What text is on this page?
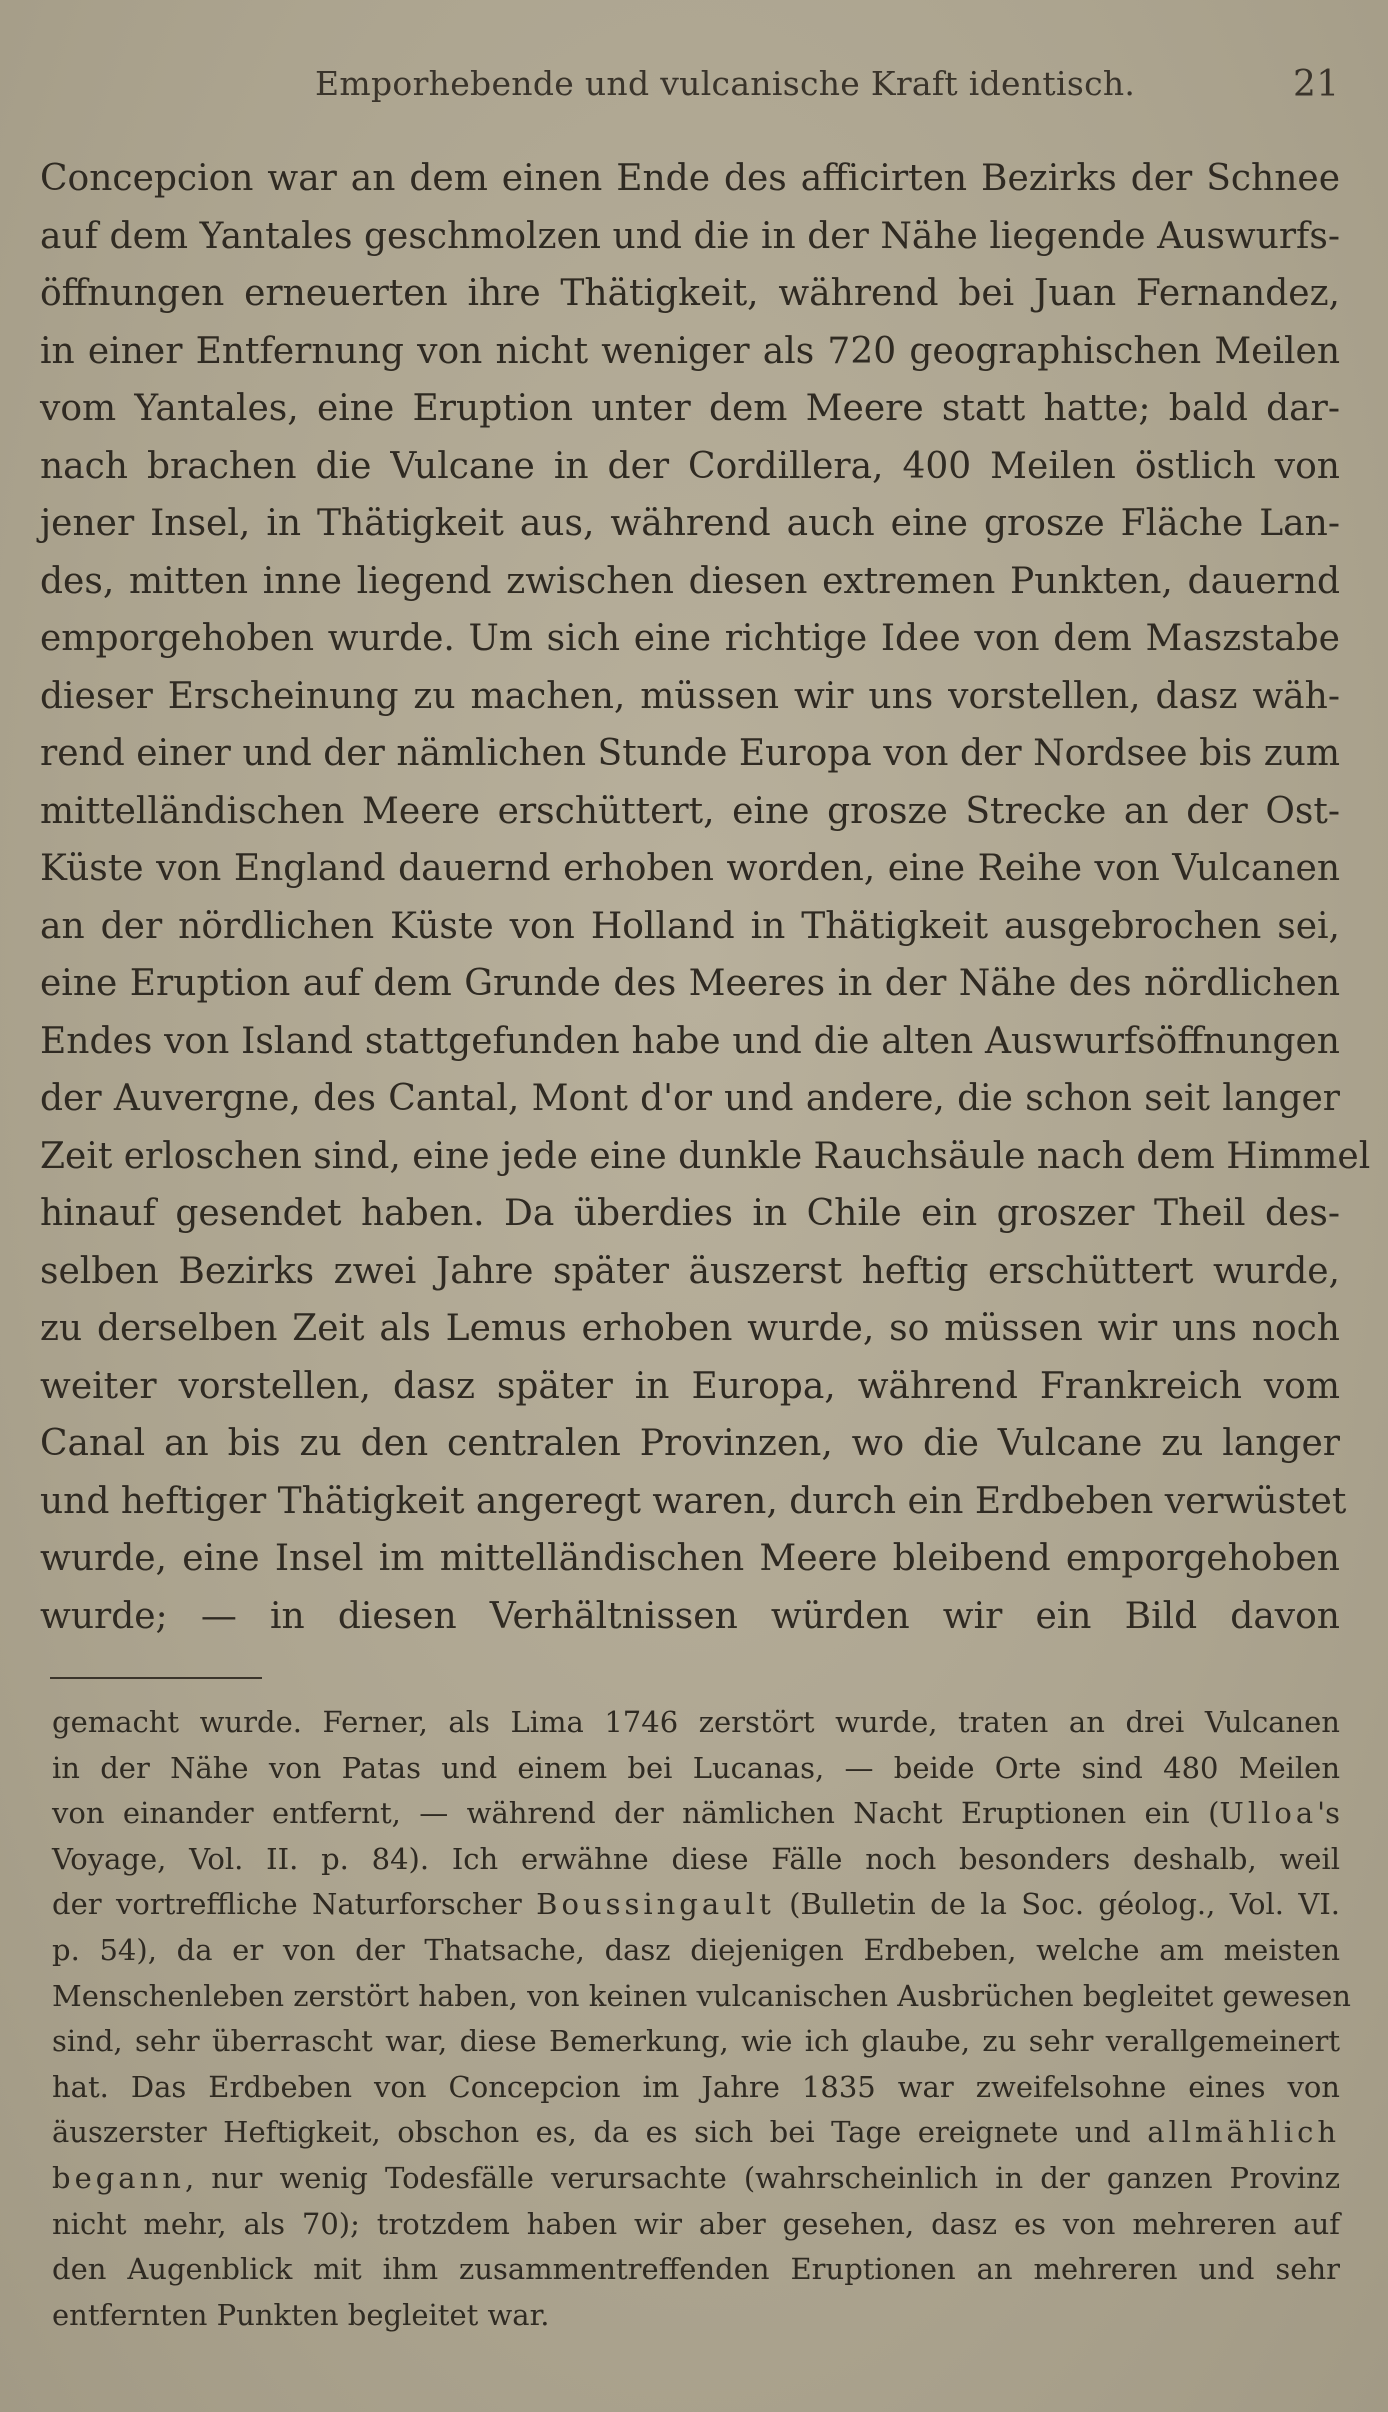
Emporhebende und vulcanische Kraft identisch.	21
Concepcion war an dem einen Ende des afficirten Bezirks der Schnee
auf dem Yantales geschmolzen und die in der Nähe liegende Auswurfs-
öffnungen erneuerten ihre Thätigkeit, während bei Juan Fernandez,
in einer Entfernung von nicht weniger als 720 geographischen Meilen
vom Yantales, eine Eruption unter dem Meere statt hatte; bald dar-
nach brachen die Vulcane in der Cordillera, 400 Meilen östlich von
jener Insel, in Thätigkeit aus, während auch eine grosze Fläche Lan-
des, mitten inne liegend zwischen diesen extremen Punkten, dauernd
emporgehoben wurde. Um sich eine richtige Idee von dem Maszstabe
dieser Erscheinung zu machen, müssen wir uns vorstellen, dasz wäh-
rend einer und der nämlichen Stunde Europa von der Nordsee bis zum
mittelländischen Meere erschüttert, eine grosze Strecke an der Ost-
Küste von England dauernd erhoben worden, eine Reihe von Vulcanen
an der nördlichen Küste von Holland in Thätigkeit ausgebrochen sei,
eine Eruption auf dem Grunde des Meeres in der Nähe des nördlichen
Endes von Island stattgefunden habe und die alten Auswurfsöffnungen
der Auvergne, des Cantal, Mont d'or und andere, die schon seit langer
Zeit erloschen sind, eine jede eine dunkle Rauchsäule nach dem Himmel
hinauf gesendet haben. Da überdies in Chile ein groszer Theil des-
selben Bezirks zwei Jahre später äuszerst heftig erschüttert wurde,
zu derselben Zeit als Lemus erhoben wurde, so müssen wir uns noch
weiter vorstellen, dasz später in Europa, während Frankreich vom
Canal an bis zu den centralen Provinzen, wo die Vulcane zu langer
und heftiger Thätigkeit angeregt waren, durch ein Erdbeben verwüstet
wurde, eine Insel im mittelländischen Meere bleibend emporgehoben
wurde; — in diesen Verhältnissen würden wir ein Bild davon
gemacht wurde. Ferner, als Lima 1746 zerstört wurde, traten an drei Vulcanen
in der Nähe von Patas und einem bei Lucanas, — beide Orte sind 480 Meilen
von einander entfernt, — während der nämlichen Nacht Eruptionen ein (Ulloa's
Voyage, Vol. II. p. 84). Ich erwähne diese Fälle noch besonders deshalb, weil
der vortreffliche Naturforscher Boussingault (Bulletin de la Soc. géolog., Vol. VI.
p. 54), da er von der Thatsache, dasz diejenigen Erdbeben, welche am meisten
Menschenleben zerstört haben, von keinen vulcanischen Ausbrüchen begleitet gewesen
sind, sehr überrascht war, diese Bemerkung, wie ich glaube, zu sehr verallgemeinert
hat. Das Erdbeben von Concepcion im Jahre 1835 war zweifelsohne eines von
äuszerster Heftigkeit, obschon es, da es sich bei Tage ereignete und allmählich
begann, nur wenig Todesfälle verursachte (wahrscheinlich in der ganzen Provinz
nicht mehr, als 70); trotzdem haben wir aber gesehen, dasz es von mehreren auf
den Augenblick mit ihm zusammentreffenden Eruptionen an mehreren und sehr
entfernten Punkten begleitet war.
